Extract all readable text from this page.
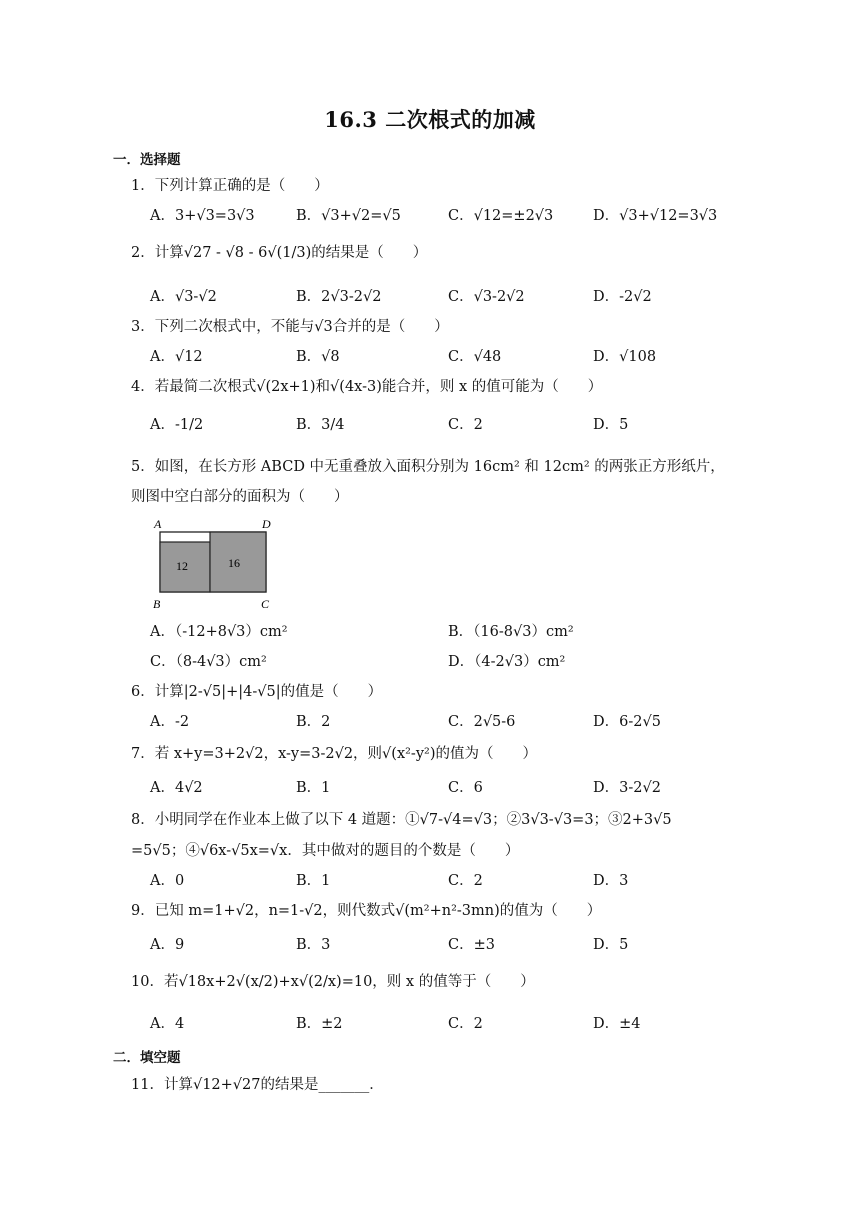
16.3 二次根式的加减
一．选择题
1．下列计算正确的是（　　）
A．3+√3=3√3	B．√3+√2=√5	C．√12=±2√3	D．√3+√12=3√3
2．计算√27 - √8 - 6√(1/3)的结果是（　　）
A．√3-√2	B．2√3-2√2	C．√3-2√2	D．-2√2
3．下列二次根式中，不能与√3合并的是（　　）
A．√12	B．√8	C．√48	D．√108
4．若最简二次根式√(2x+1)和√(4x-3)能合并，则 x 的值可能为（　　）
A．-1/2	B．3/4	C．2	D．5
5．如图，在长方形 ABCD 中无重叠放入面积分别为 16cm² 和 12cm² 的两张正方形纸片，则图中空白部分的面积为（　　）
12	16
A	D
B	C
A．（-12+8√3）cm²	B．（16-8√3）cm²
C．（8-4√3）cm²	D．（4-2√3）cm²
6．计算|2-√5|+|4-√5|的值是（　　）
A．-2	B．2	C．2√5-6	D．6-2√5
7．若 x+y=3+2√2，x-y=3-2√2，则√(x²-y²)的值为（　　）
A．4√2	B．1	C．6	D．3-2√2
8．小明同学在作业本上做了以下 4 道题：①√7-√4=√3；②3√3-√3=3；③2+3√5
=5√5；④√6x-√5x=√x．其中做对的题目的个数是（　　）
A．0	B．1	C．2	D．3
9．已知 m=1+√2，n=1-√2，则代数式√(m²+n²-3mn)的值为（　　）
A．9	B．3	C．±3	D．5
10．若√18x+2√(x/2)+x√(2/x)=10，则 x 的值等于（　　）
A．4	B．±2	C．2	D．±4
二．填空题
11．计算√12+√27的结果是_______．
